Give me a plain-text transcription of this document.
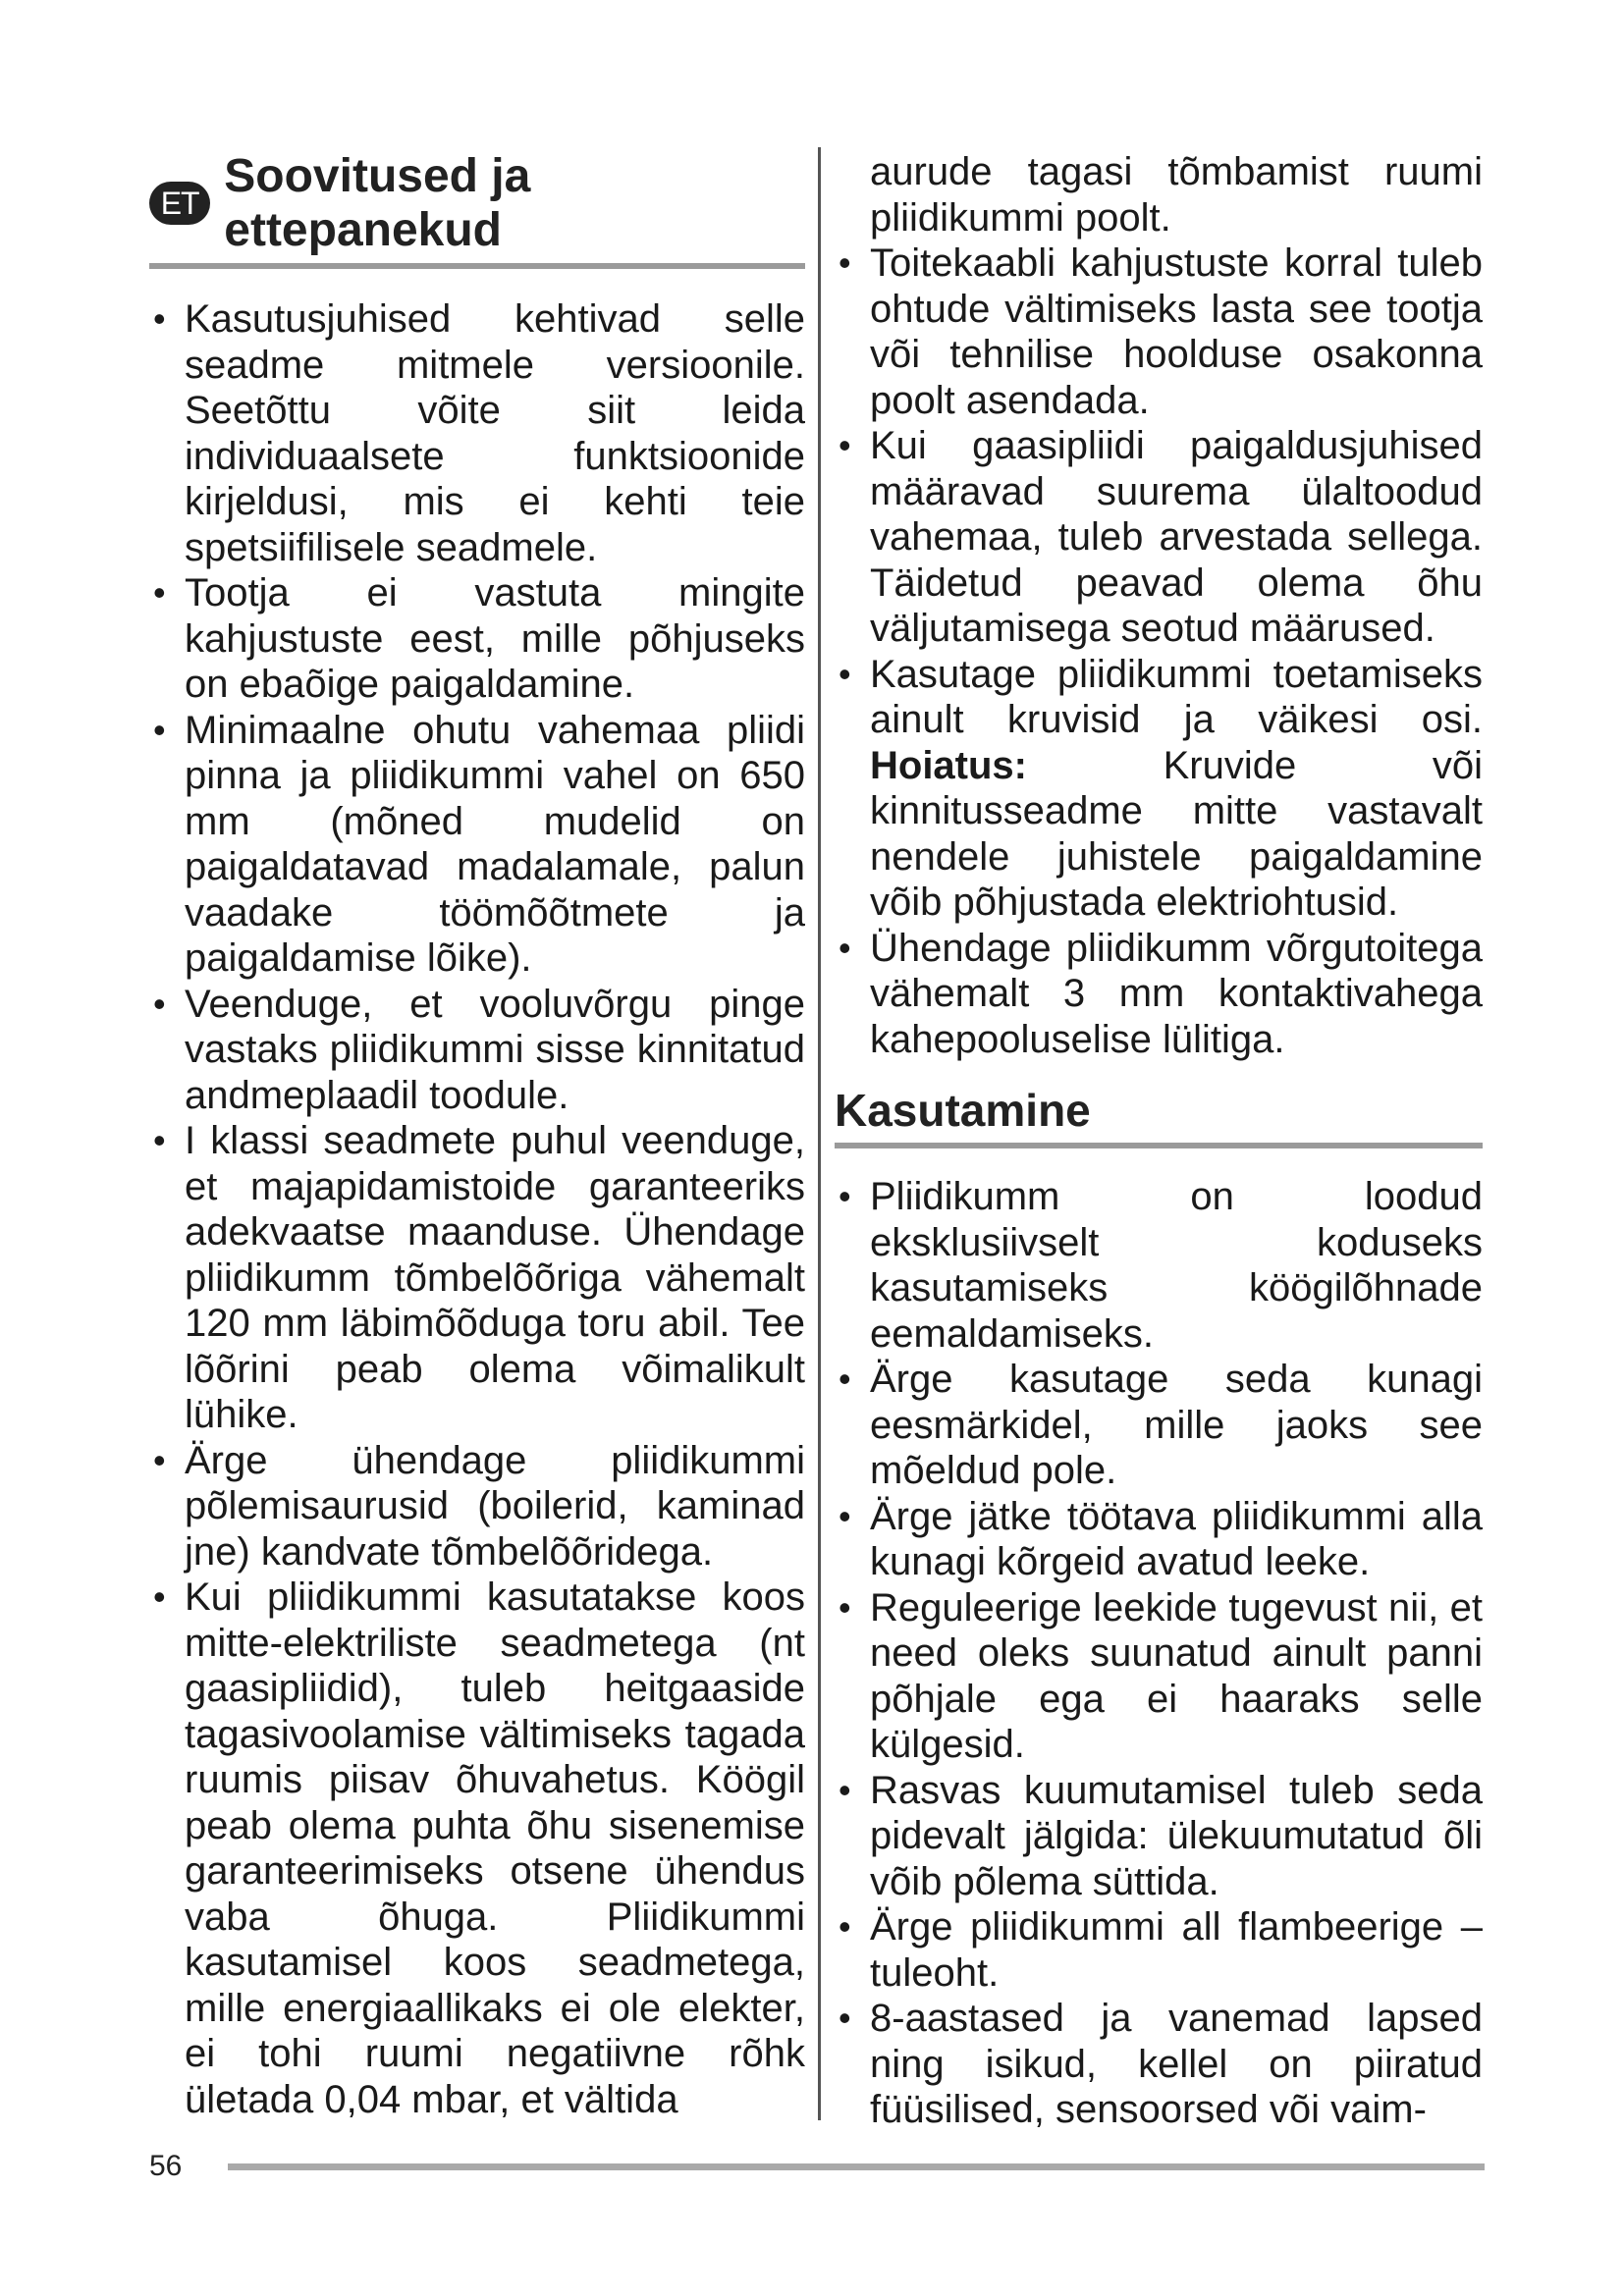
ET
Soovitused ja ettepanekud
• Kasutusjuhised kehtivad selle seadme mitmele versioonile. Seetõttu võite siit leida individuaalsete funktsioonide kirjeldusi, mis ei kehti teie spetsiifilisele seadmele.
• Tootja ei vastuta mingite kahjustuste eest, mille põhjuseks on ebaõige paigaldamine.
• Minimaalne ohutu vahemaa pliidi pinna ja pliidikummi vahel on 650 mm (mõned mudelid on paigaldatavad madalamale, palun vaadake töömõõtmete ja paigaldamise lõike).
• Veenduge, et vooluvõrgu pinge vastaks pliidikummi sisse kinnitatud andmeplaadil toodule.
• I klassi seadmete puhul veenduge, et majapidamistoide garanteeriks adekvaatse maanduse. Ühendage pliidikumm tõmbelõõriga vähemalt 120 mm läbimõõduga toru abil. Tee lõõrini peab olema võimalikult lühike.
• Ärge ühendage pliidikummi põlemisaurusid (boilerid, kaminad jne) kandvate tõmbelõõridega.
• Kui pliidikummi kasutatakse koos mitte-elektriliste seadmetega (nt gaasipliidid), tuleb heitgaaside tagasivoolamise vältimiseks tagada ruumis piisav õhuvahetus. Köögil peab olema puhta õhu sisenemise garanteerimiseks otsene ühendus vaba õhuga. Pliidikummi kasutamisel koos seadmetega, mille energiaallikaks ei ole elekter, ei tohi ruumi negatiivne rõhk ületada 0,04 mbar, et vältida
aurude tagasi tõmbamist ruumi pliidikummi poolt.
• Toitekaabli kahjustuste korral tuleb ohtude vältimiseks lasta see tootja või tehnilise hoolduse osakonna poolt asendada.
• Kui gaasipliidi paigaldusjuhised määravad suurema ülaltoodud vahemaa, tuleb arvestada sellega. Täidetud peavad olema õhu väljutamisega seotud määrused.
• Kasutage pliidikummi toetamiseks ainult kruvisid ja väikesi osi. Hoiatus:	Kruvide või kinnitusseadme mitte vastavalt nendele juhistele paigaldamine võib põhjustada elektriohtusid.
• Ühendage pliidikumm võrgutoitega vähemalt 3 mm kontaktivahega kahepooluselise lülitiga.
Kasutamine
• Pliidikumm on loodud eksklusiivselt koduseks kasutamiseks köögilõhnade eemaldamiseks.
• Ärge kasutage seda kunagi eesmärkidel, mille jaoks see mõeldud pole.
• Ärge jätke töötava pliidikummi alla kunagi kõrgeid avatud leeke.
• Reguleerige leekide tugevust nii, et need oleks suunatud ainult panni põhjale ega ei haaraks selle külgesid.
• Rasvas kuumutamisel tuleb seda pidevalt jälgida: ülekuumutatud õli võib põlema süttida.
• Ärge pliidikummi all flambeerige – tuleoht.
• 8-aastased ja vanemad lapsed ning isikud, kellel on piiratud füüsilised, sensoorsed või vaim-
56
